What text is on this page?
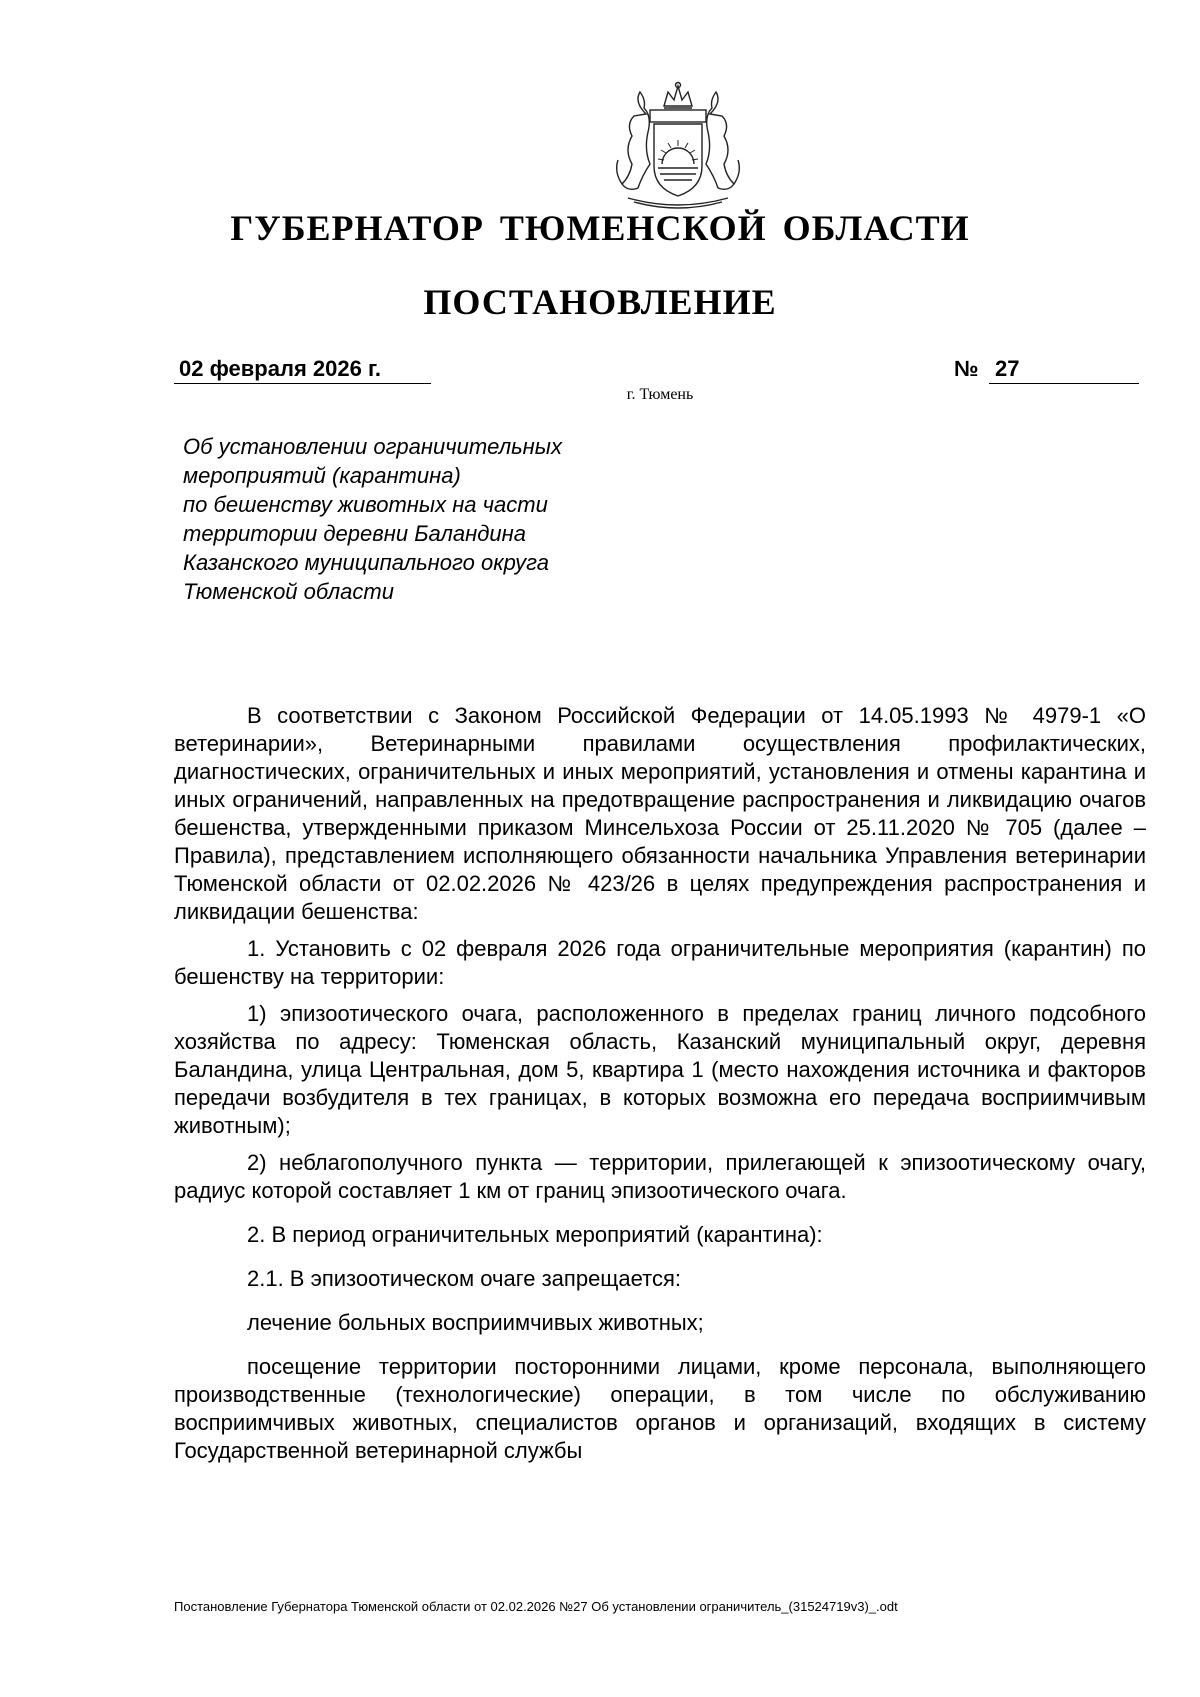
ГУБЕРНАТОР ТЮМЕНСКОЙ ОБЛАСТИ
ПОСТАНОВЛЕНИЕ
02 февраля 2026 г.	№ 27
г. Тюмень
Об установлении ограничительных
мероприятий (карантина)
по бешенству животных на части
территории деревни Баландина
Казанского муниципального округа
Тюменской области

В соответствии с Законом Российской Федерации от 14.05.1993 № 4979-1 «О ветеринарии», Ветеринарными правилами осуществления профилактических, диагностических, ограничительных и иных мероприятий, установления и отмены карантина и иных ограничений, направленных на предотвращение распространения и ликвидацию очагов бешенства, утвержденными приказом Минсельхоза России от 25.11.2020 № 705 (далее – Правила), представлением исполняющего обязанности начальника Управления ветеринарии Тюменской области от 02.02.2026 № 423/26 в целях предупреждения распространения и ликвидации бешенства:

1. Установить с 02 февраля 2026 года ограничительные мероприятия (карантин) по бешенству на территории:

1) эпизоотического очага, расположенного в пределах границ личного подсобного хозяйства по адресу: Тюменская область, Казанский муниципальный округ, деревня Баландина, улица Центральная, дом 5, квартира 1 (место нахождения источника и факторов передачи возбудителя в тех границах, в которых возможна его передача восприимчивым животным);

2) неблагополучного пункта — территории, прилегающей к эпизоотическому очагу, радиус которой составляет 1 км от границ эпизоотического очага.

2. В период ограничительных мероприятий (карантина):

2.1. В эпизоотическом очаге запрещается:

лечение больных восприимчивых животных;

посещение территории посторонними лицами, кроме персонала, выполняющего производственные (технологические) операции, в том числе по обслуживанию восприимчивых животных, специалистов органов и организаций, входящих в систему Государственной ветеринарной службы

Постановление Губернатора Тюменской области от 02.02.2026 №27 Об установлении ограничитель_(31524719v3)_.odt
